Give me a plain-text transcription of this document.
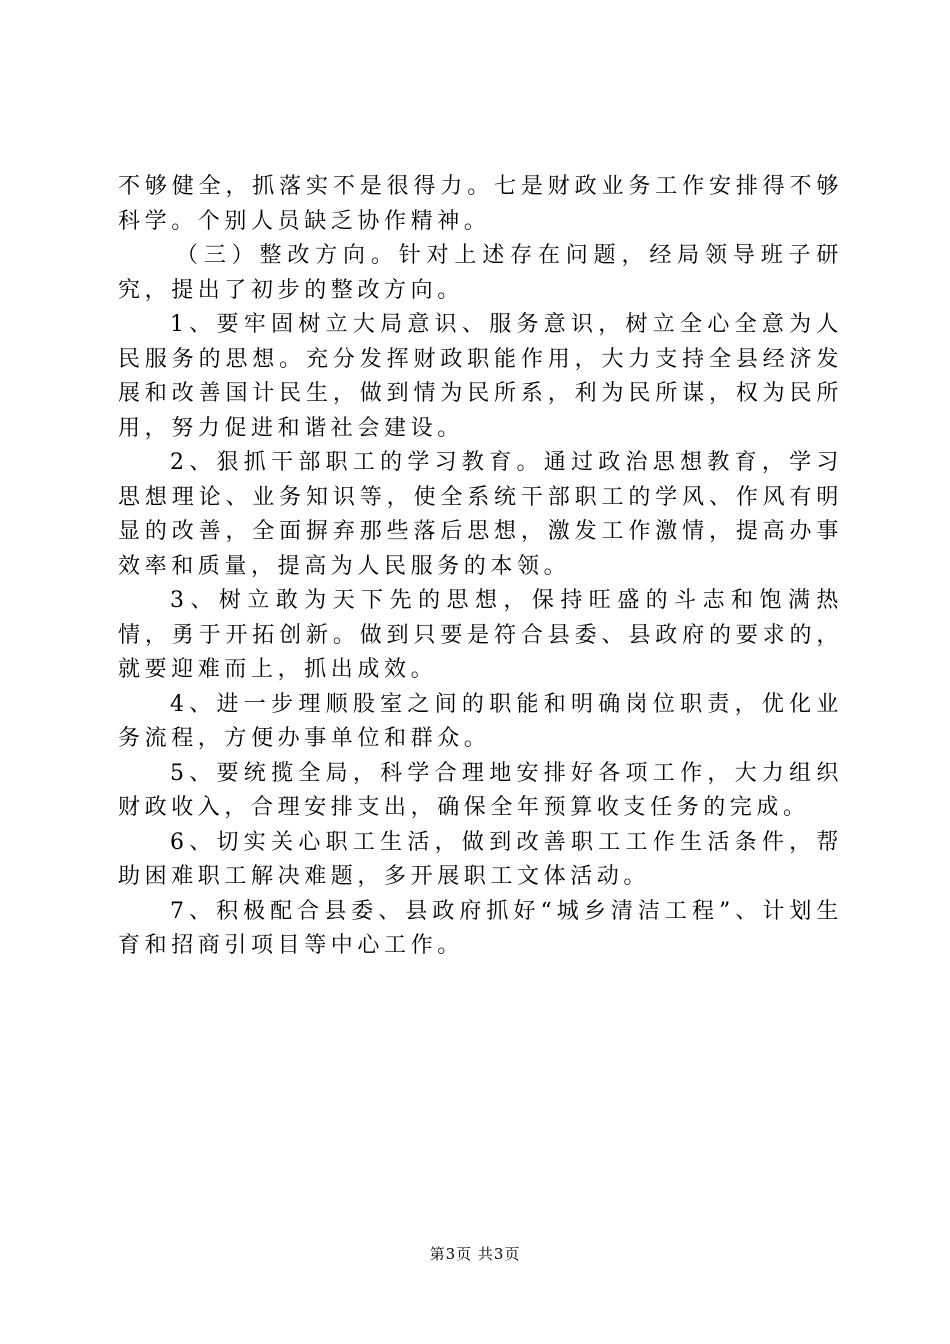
不够健全，抓落实不是很得力。七是财政业务工作安排得不够科学。个别人员缺乏协作精神。

（三）整改方向。针对上述存在问题，经局领导班子研究，提出了初步的整改方向。

1、要牢固树立大局意识、服务意识，树立全心全意为人民服务的思想。充分发挥财政职能作用，大力支持全县经济发展和改善国计民生，做到情为民所系，利为民所谋，权为民所用，努力促进和谐社会建设。

2、狠抓干部职工的学习教育。通过政治思想教育，学习思想理论、业务知识等，使全系统干部职工的学风、作风有明显的改善，全面摒弃那些落后思想，激发工作激情，提高办事效率和质量，提高为人民服务的本领。

3、树立敢为天下先的思想，保持旺盛的斗志和饱满热情，勇于开拓创新。做到只要是符合县委、县政府的要求的，就要迎难而上，抓出成效。

4、进一步理顺股室之间的职能和明确岗位职责，优化业务流程，方便办事单位和群众。

5、要统揽全局，科学合理地安排好各项工作，大力组织财政收入，合理安排支出，确保全年预算收支任务的完成。

6、切实关心职工生活，做到改善职工工作生活条件，帮助困难职工解决难题，多开展职工文体活动。

7、积极配合县委、县政府抓好“城乡清洁工程”、计划生育和招商引项目等中心工作。

第3页 共3页
